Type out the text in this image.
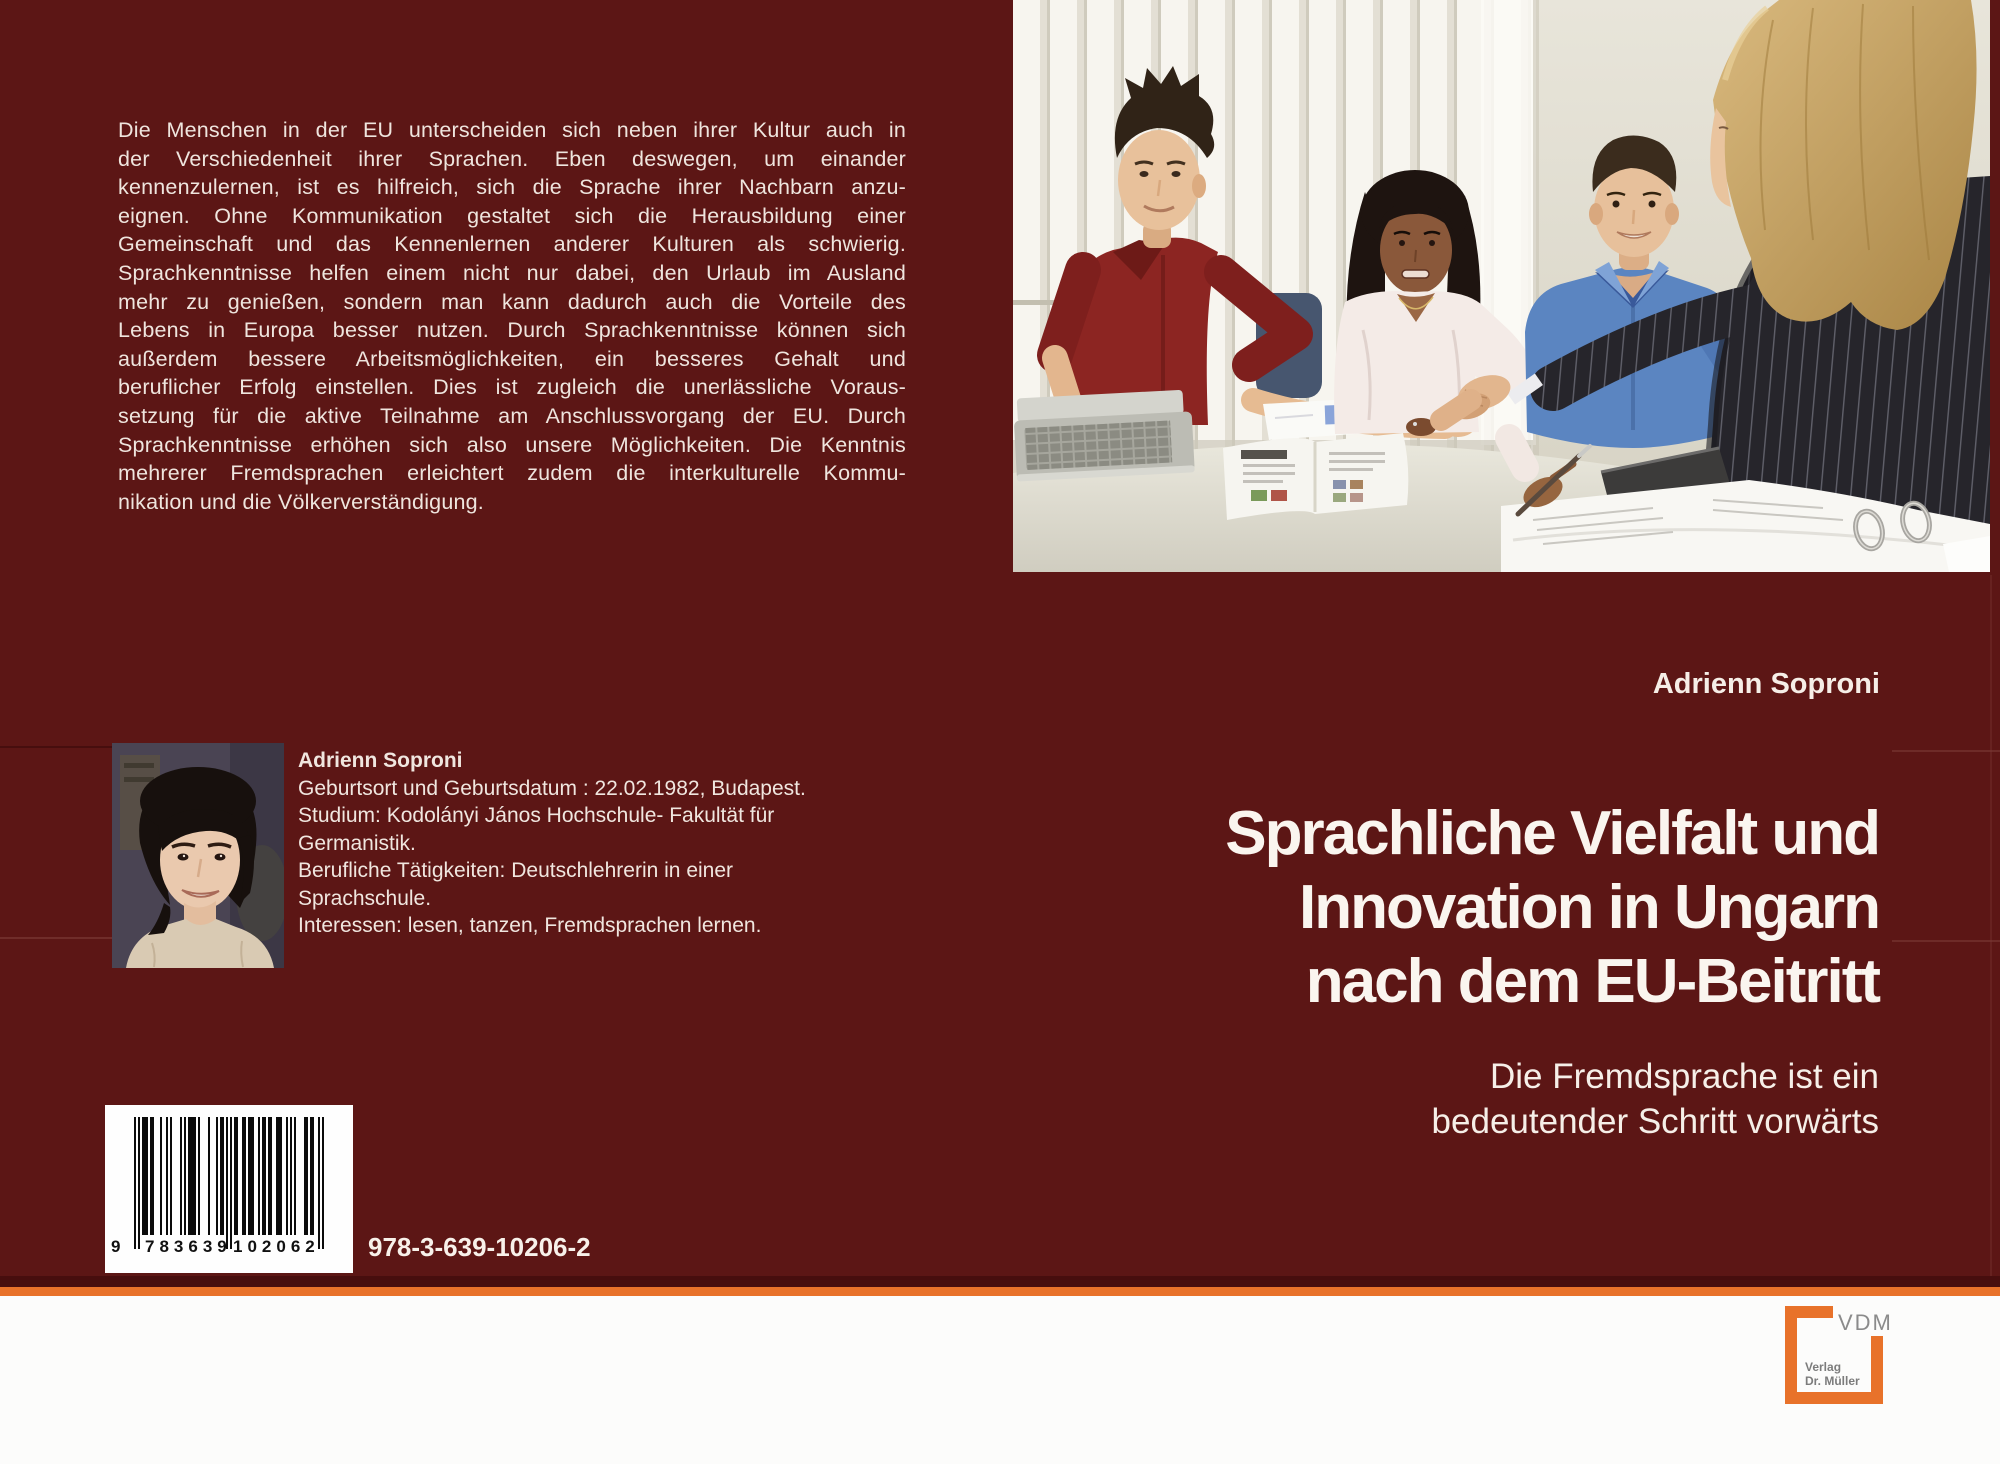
Die Menschen in der EU unterscheiden sich neben ihrer Kultur auch in
der Verschiedenheit ihrer Sprachen. Eben deswegen, um einander
kennenzulernen, ist es hilfreich, sich die Sprache ihrer Nachbarn anzu-
eignen. Ohne Kommunikation gestaltet sich die Herausbildung einer
Gemeinschaft und das Kennenlernen anderer Kulturen als schwierig.
Sprachkenntnisse helfen einem nicht nur dabei, den Urlaub im Ausland
mehr zu genießen, sondern man kann dadurch auch die Vorteile des
Lebens in Europa besser nutzen. Durch Sprachkenntnisse können sich
außerdem bessere Arbeitsmöglichkeiten, ein besseres Gehalt und
beruflicher Erfolg einstellen. Dies ist zugleich die unerlässliche Voraus-
setzung für die aktive Teilnahme am Anschlussvorgang der EU. Durch
Sprachkenntnisse erhöhen sich also unsere Möglichkeiten. Die Kenntnis
mehrerer Fremdsprachen erleichtert zudem die interkulturelle Kommu-
nikation und die Völkerverständigung.
Adrienn Soproni
Geburtsort und Geburtsdatum : 22.02.1982, Budapest.
Studium: Kodolányi János Hochschule- Fakultät für
Germanistik.
Berufliche Tätigkeiten: Deutschlehrerin in einer
Sprachschule.
Interessen: lesen, tanzen, Fremdsprachen lernen.
9 783639 102062 978-3-639-10206-2
Adrienn Soproni
Sprachliche Vielfalt und
Innovation in Ungarn
nach dem EU-Beitritt
Die Fremdsprache ist ein
bedeutender Schritt vorwärts
VDM
Verlag
Dr. Müller
